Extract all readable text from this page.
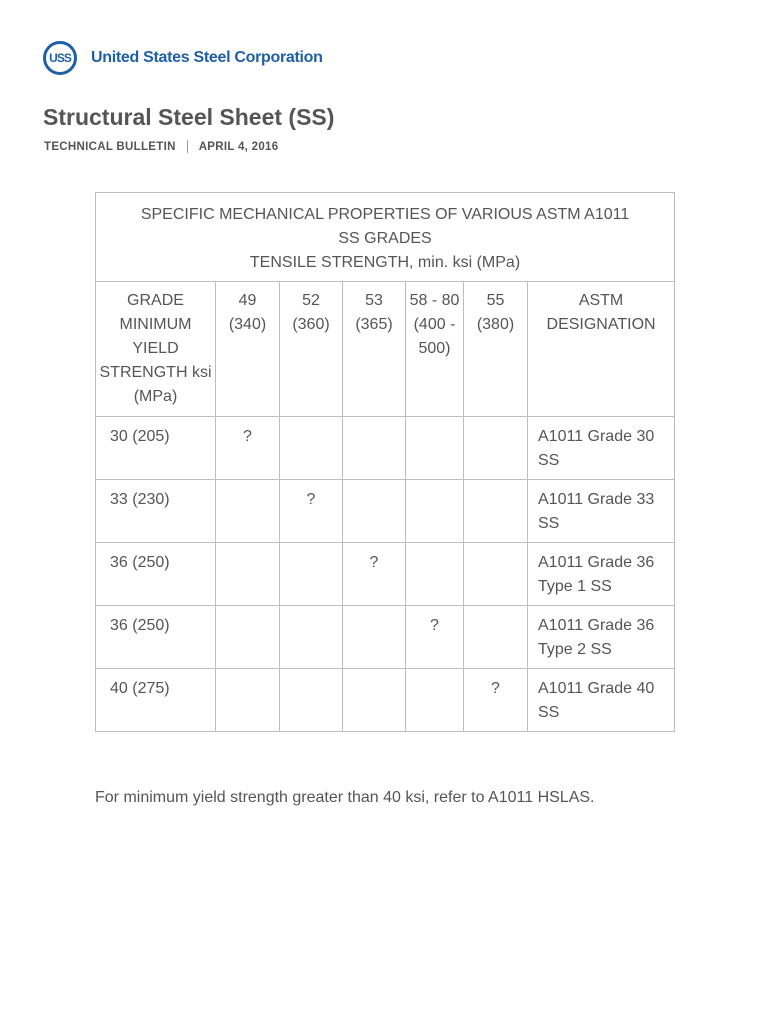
USS	United States Steel Corporation
Structural Steel Sheet (SS)
TECHNICAL BULLETIN APRIL 4, 2016
SPECIFIC MECHANICAL PROPERTIES OF VARIOUS ASTM A1011
SS GRADES
TENSILE STRENGTH, min. ksi (MPa)						

GRADE MINIMUM YIELD STRENGTH ksi (MPa)	49 (340)	52 (360)	53 (365)	58 - 80 (400 - 500)	55 (380)	ASTM DESIGNATION
30 (205)	?					A1011 Grade 30 SS
33 (230)		?				A1011 Grade 33 SS
36 (250)			?			A1011 Grade 36 Type 1 SS
36 (250)				?		A1011 Grade 36 Type 2 SS
40 (275)					?	A1011 Grade 40 SS

For minimum yield strength greater than 40 ksi, refer to A1011 HSLAS.
